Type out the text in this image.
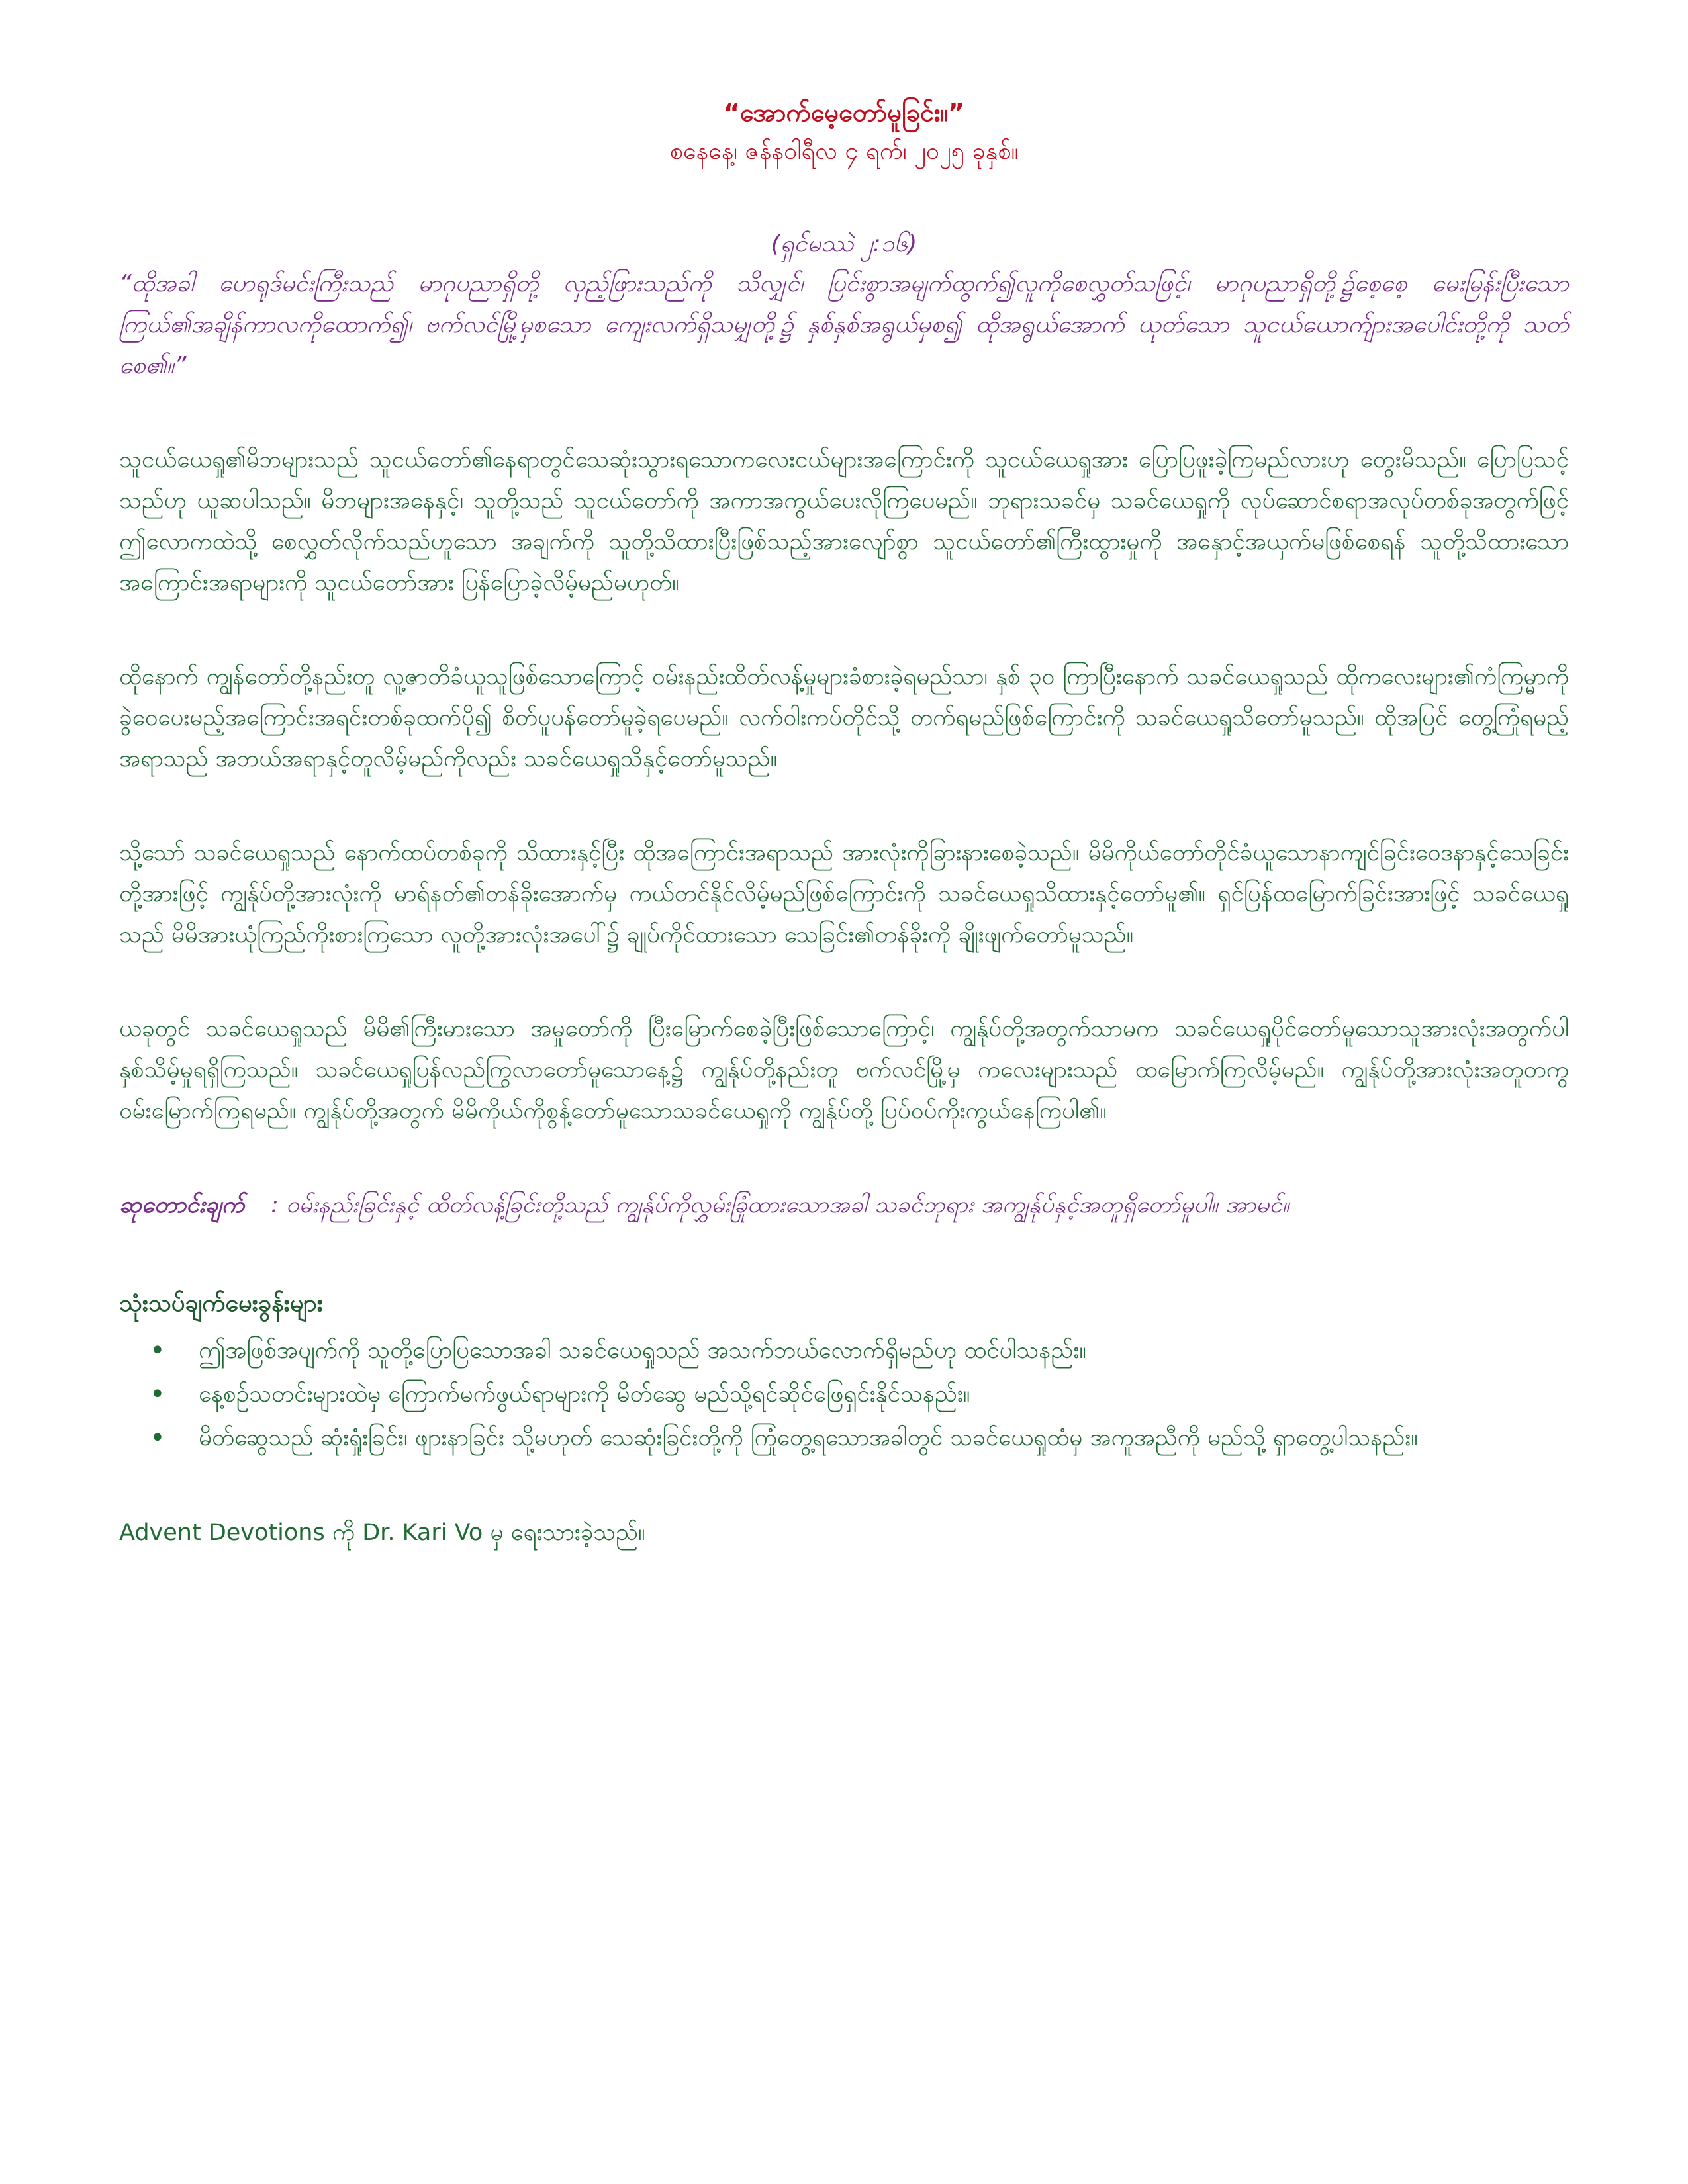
“အောက်မေ့တော်မူခြင်း။”

စနေနေ့၊ ဇန်နဝါရီလ ၄ ရက်၊ ၂၀၂၅ ခုနှစ်။

(ရှင်မဿဲ ၂:၁၆)

“ထိုအခါ ဟေရုဒ်မင်းကြီးသည် မာဂုပညာရှိတို့ လှည့်ဖြားသည်ကို သိလျှင်၊ ပြင်းစွာအမျက်ထွက်၍လူကိုစေလွှတ်သဖြင့်၊ မာဂုပညာရှိတို့၌စေ့စေ့ မေးမြန်းပြီးသော ကြယ်၏အချိန်ကာလကိုထောက်၍၊ ဗက်လင်မြို့မှစသော ကျေးလက်ရှိသမျှတို့၌ နှစ်နှစ်အရွယ်မှစ၍ ထိုအရွယ်အောက် ယုတ်သော သူငယ်ယောက်ျားအပေါင်းတို့ကို သတ်စေ၏။”

သူငယ်ယေရှု၏မိဘများသည် သူငယ်တော်၏နေရာတွင်သေဆုံးသွားရသောကလေးငယ်များအကြောင်းကို သူငယ်ယေရှုအား ပြောပြဖူးခဲ့ကြမည်လားဟု တွေးမိသည်။ ပြောပြသင့်သည်ဟု ယူဆပါသည်။ မိဘများအနေနှင့်၊ သူတို့သည် သူငယ်တော်ကို အကာအကွယ်ပေးလိုကြပေမည်။ ဘုရားသခင်မှ သခင်ယေရှုကို လုပ်ဆောင်စရာအလုပ်တစ်ခုအတွက်ဖြင့် ဤလောကထဲသို့ စေလွှတ်လိုက်သည်ဟူသော အချက်ကို သူတို့သိထားပြီးဖြစ်သည့်အားလျော်စွာ သူငယ်တော်၏ကြီးထွားမှုကို အနှောင့်အယှက်မဖြစ်စေရန် သူတို့သိထားသောအကြောင်းအရာများကို သူငယ်တော်အား ပြန်ပြောခဲ့လိမ့်မည်မဟုတ်။

ထိုနောက် ကျွန်တော်တို့နည်းတူ လူ့ဇာတိခံယူသူဖြစ်သောကြောင့် ဝမ်းနည်းထိတ်လန့်မှုများခံစားခဲ့ရမည်သာ၊ နှစ် ၃၀ ကြာပြီးနောက် သခင်ယေရှုသည် ထိုကလေးများ၏ကံကြမ္မာကို ခွဲဝေပေးမည့်အကြောင်းအရင်းတစ်ခုထက်ပို၍ စိတ်ပူပန်တော်မူခဲ့ရပေမည်။ လက်ဝါးကပ်တိုင်သို့ တက်ရမည်ဖြစ်ကြောင်းကို သခင်ယေရှုသိတော်မူသည်။ ထိုအပြင် တွေ့ကြုံရမည့်အရာသည် အဘယ်အရာနှင့်တူလိမ့်မည်ကိုလည်း သခင်ယေရှုသိနှင့်တော်မူသည်။

သို့သော် သခင်ယေရှုသည် နောက်ထပ်တစ်ခုကို သိထားနှင့်ပြီး ထိုအကြောင်းအရာသည် အားလုံးကိုခြားနားစေခဲ့သည်။ မိမိကိုယ်တော်တိုင်ခံယူသောနာကျင်ခြင်းဝေဒနာနှင့်သေခြင်းတို့အားဖြင့် ကျွန်ုပ်တို့အားလုံးကို မာရ်နတ်၏တန်ခိုးအောက်မှ ကယ်တင်နိုင်လိမ့်မည်ဖြစ်ကြောင်းကို သခင်ယေရှုသိထားနှင့်တော်မူ၏။ ရှင်ပြန်ထမြောက်ခြင်းအားဖြင့် သခင်ယေရှုသည် မိမိအားယုံကြည်ကိုးစားကြသော လူတို့အားလုံးအပေါ်၌ ချုပ်ကိုင်ထားသော သေခြင်း၏တန်ခိုးကို ချိုးဖျက်တော်မူသည်။

ယခုတွင် သခင်ယေရှုသည် မိမိ၏ကြီးမားသော အမှုတော်ကို ပြီးမြောက်စေခဲ့ပြီးဖြစ်သောကြောင့်၊ ကျွန်ုပ်တို့အတွက်သာမက သခင်ယေရှုပိုင်တော်မူသောသူအားလုံးအတွက်ပါ နှစ်သိမ့်မှုရရှိကြသည်။ သခင်ယေရှုပြန်လည်ကြွလာတော်မူသောနေ့၌ ကျွန်ုပ်တို့နည်းတူ ဗက်လင်မြို့မှ ကလေးများသည် ထမြောက်ကြလိမ့်မည်။ ကျွန်ုပ်တို့အားလုံးအတူတကွ ဝမ်းမြောက်ကြရမည်။ ကျွန်ုပ်တို့အတွက် မိမိကိုယ်ကိုစွန့်တော်မူသောသခင်ယေရှုကို ကျွန်ုပ်တို့ ပြပ်ဝပ်ကိုးကွယ်နေကြပါ၏။

ဆုတောင်းချက် : ဝမ်းနည်းခြင်းနှင့် ထိတ်လန့်ခြင်းတို့သည် ကျွန်ုပ်ကိုလွှမ်းခြုံထားသောအခါ သခင်ဘုရား အကျွန်ုပ်နှင့်အတူရှိတော်မူပါ။ အာမင်။

သုံးသပ်ချက်မေးခွန်းများ
• ဤအဖြစ်အပျက်ကို သူတို့ပြောပြသောအခါ သခင်ယေရှုသည် အသက်ဘယ်လောက်ရှိမည်ဟု ထင်ပါသနည်း။
• နေ့စဉ်သတင်းများထဲမှ ကြောက်မက်ဖွယ်ရာများကို မိတ်ဆွေ မည်သို့ရင်ဆိုင်ဖြေရှင်းနိုင်သနည်း။
• မိတ်ဆွေသည် ဆုံးရှုံးခြင်း၊ ဖျားနာခြင်း သို့မဟုတ် သေဆုံးခြင်းတို့ကို ကြုံတွေ့ရသောအခါတွင် သခင်ယေရှုထံမှ အကူအညီကို မည်သို့ ရှာတွေ့ပါသနည်း။

Advent Devotions ကို Dr. Kari Vo မှ ရေးသားခဲ့သည်။
